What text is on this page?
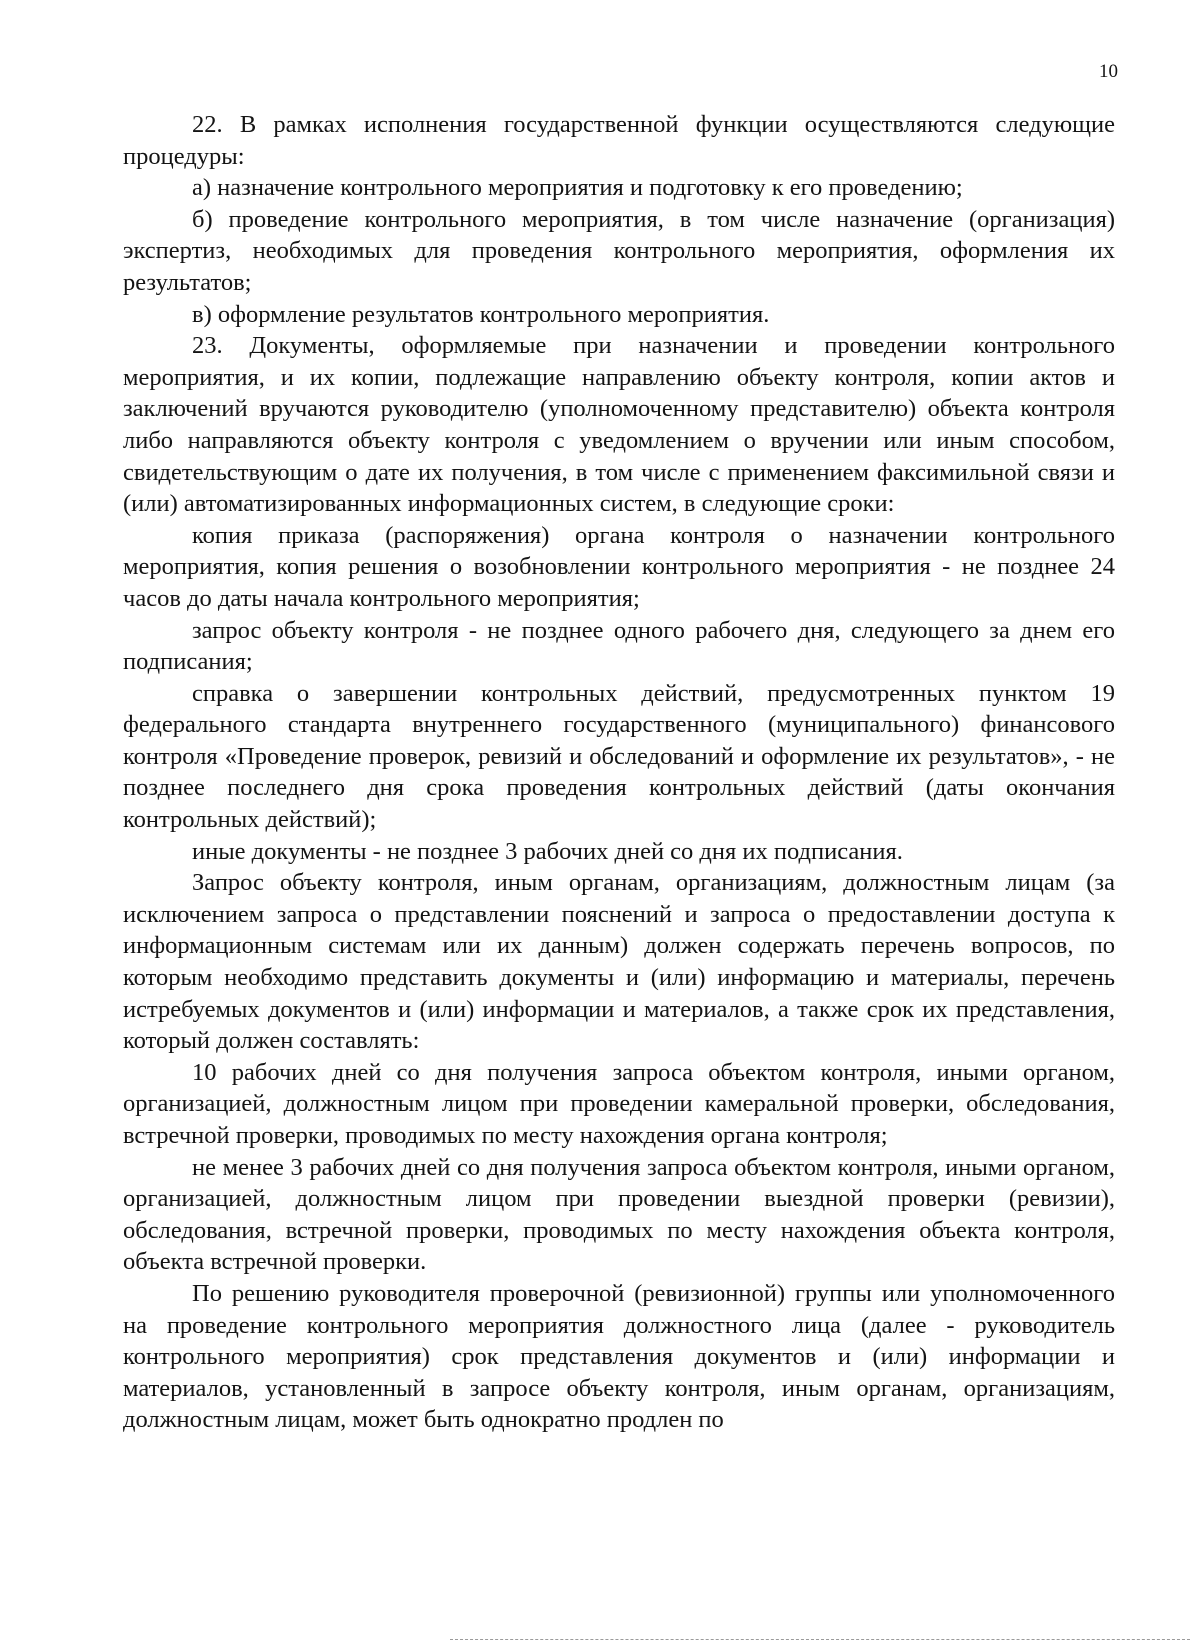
10

22. В рамках исполнения государственной функции осуществляются следующие процедуры:

а) назначение контрольного мероприятия и подготовку к его проведению;

б) проведение контрольного мероприятия, в том числе назначение (организация) экспертиз, необходимых для проведения контрольного мероприятия, оформления их результатов;

в) оформление результатов контрольного мероприятия.

23. Документы, оформляемые при назначении и проведении контрольного мероприятия, и их копии, подлежащие направлению объекту контроля, копии актов и заключений вручаются руководителю (уполномоченному представителю) объекта контроля либо направляются объекту контроля с уведомлением о вручении или иным способом, свидетельствующим о дате их получения, в том числе с применением факсимильной связи и (или) автоматизированных информационных систем, в следующие сроки:

копия приказа (распоряжения) органа контроля о назначении контрольного мероприятия, копия решения о возобновлении контрольного мероприятия - не позднее 24 часов до даты начала контрольного мероприятия;

запрос объекту контроля - не позднее одного рабочего дня, следующего за днем его подписания;

справка о завершении контрольных действий, предусмотренных пунктом 19 федерального стандарта внутреннего государственного (муниципального) финансового контроля «Проведение проверок, ревизий и обследований и оформление их результатов», - не позднее последнего дня срока проведения контрольных действий (даты окончания контрольных действий);

иные документы - не позднее 3 рабочих дней со дня их подписания.

Запрос объекту контроля, иным органам, организациям, должностным лицам (за исключением запроса о представлении пояснений и запроса о предоставлении доступа к информационным системам или их данным) должен содержать перечень вопросов, по которым необходимо представить документы и (или) информацию и материалы, перечень истребуемых документов и (или) информации и материалов, а также срок их представления, который должен составлять:

10 рабочих дней со дня получения запроса объектом контроля, иными органом, организацией, должностным лицом при проведении камеральной проверки, обследования, встречной проверки, проводимых по месту нахождения органа контроля;

не менее 3 рабочих дней со дня получения запроса объектом контроля, иными органом, организацией, должностным лицом при проведении выездной проверки (ревизии), обследования, встречной проверки, проводимых по месту нахождения объекта контроля, объекта встречной проверки.

По решению руководителя проверочной (ревизионной) группы или уполномоченного на проведение контрольного мероприятия должностного лица (далее - руководитель контрольного мероприятия) срок представления документов и (или) информации и материалов, установленный в запросе объекту контроля, иным органам, организациям, должностным лицам, может быть однократно продлен по
